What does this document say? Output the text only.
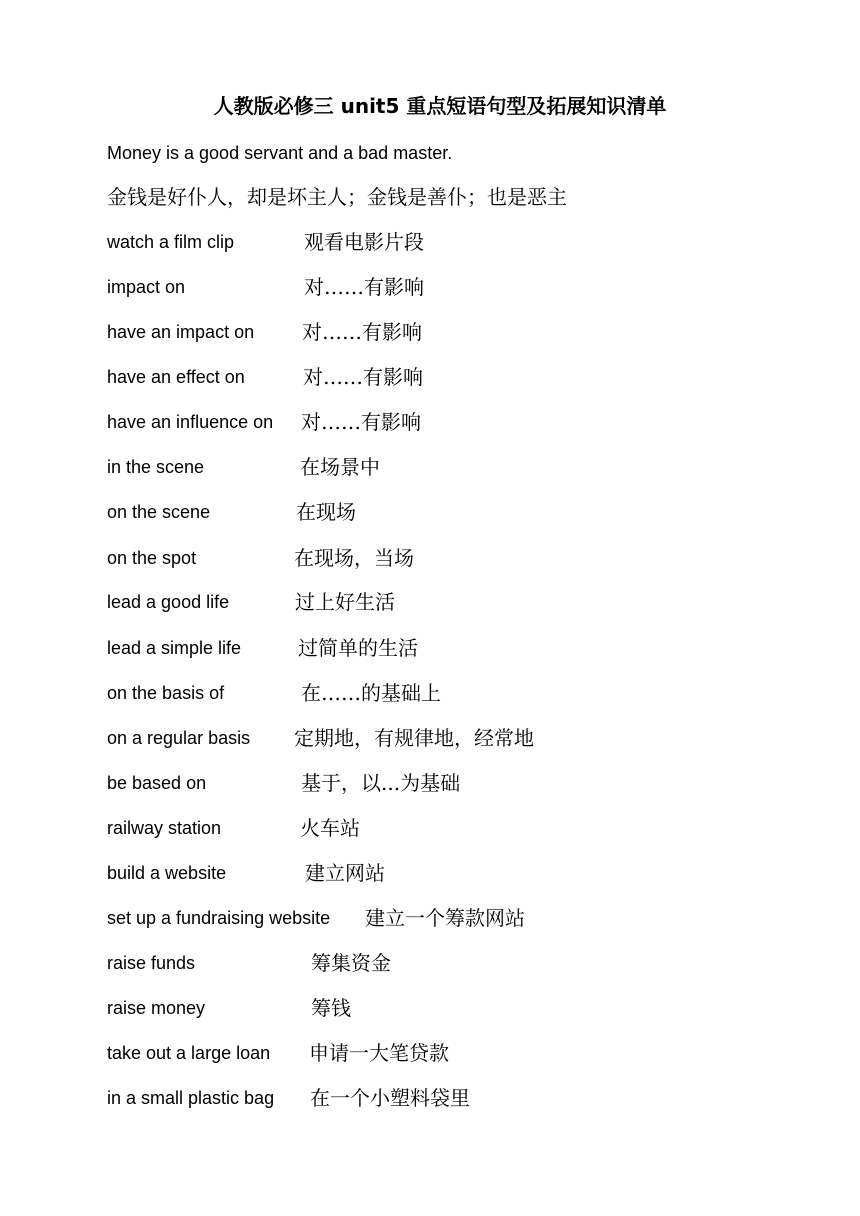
人教版必修三 unit5 重点短语句型及拓展知识清单
Money is a good servant and a bad master.
金钱是好仆人，却是坏主人；金钱是善仆；也是恶主
watch a film clip	观看电影片段
impact on	对……有影响
have an impact on 对……有影响
have an effect on	对……有影响
have an influence on 对……有影响
in the scene	在场景中
on the scene	在现场
on the spot	在现场，当场
lead a good life	过上好生活
lead a simple life	过简单的生活
on the basis of	在……的基础上
on a regular basis 定期地，有规律地，经常地
be based on	基于，以...为基础
railway station	火车站
build a website	建立网站
set up a fundraising website 建立一个筹款网站
raise funds	筹集资金
raise money	筹钱
take out a large loan 申请一大笔贷款
in a small plastic bag 在一个小塑料袋里
